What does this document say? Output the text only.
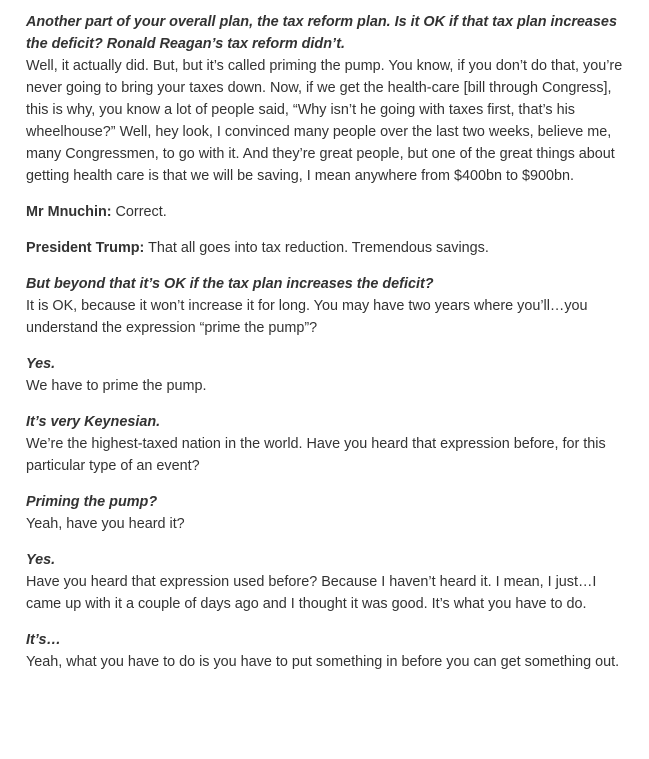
Another part of your overall plan, the tax reform plan. Is it OK if that tax plan increases the deficit? Ronald Reagan’s tax reform didn’t.
Well, it actually did. But, but it’s called priming the pump. You know, if you don’t do that, you’re never going to bring your taxes down. Now, if we get the health-care [bill through Congress], this is why, you know a lot of people said, “Why isn’t he going with taxes first, that’s his wheelhouse?” Well, hey look, I convinced many people over the last two weeks, believe me, many Congressmen, to go with it. And they’re great people, but one of the great things about getting health care is that we will be saving, I mean anywhere from $400bn to $900bn.

Mr Mnuchin: Correct.

President Trump: That all goes into tax reduction. Tremendous savings.

But beyond that it’s OK if the tax plan increases the deficit?
It is OK, because it won’t increase it for long. You may have two years where you’ll…you understand the expression “prime the pump”?

Yes.
We have to prime the pump.

It’s very Keynesian.
We’re the highest-taxed nation in the world. Have you heard that expression before, for this particular type of an event?

Priming the pump?
Yeah, have you heard it?

Yes.
Have you heard that expression used before? Because I haven’t heard it. I mean, I just…I came up with it a couple of days ago and I thought it was good. It’s what you have to do.

It’s…
Yeah, what you have to do is you have to put something in before you can get something out.
